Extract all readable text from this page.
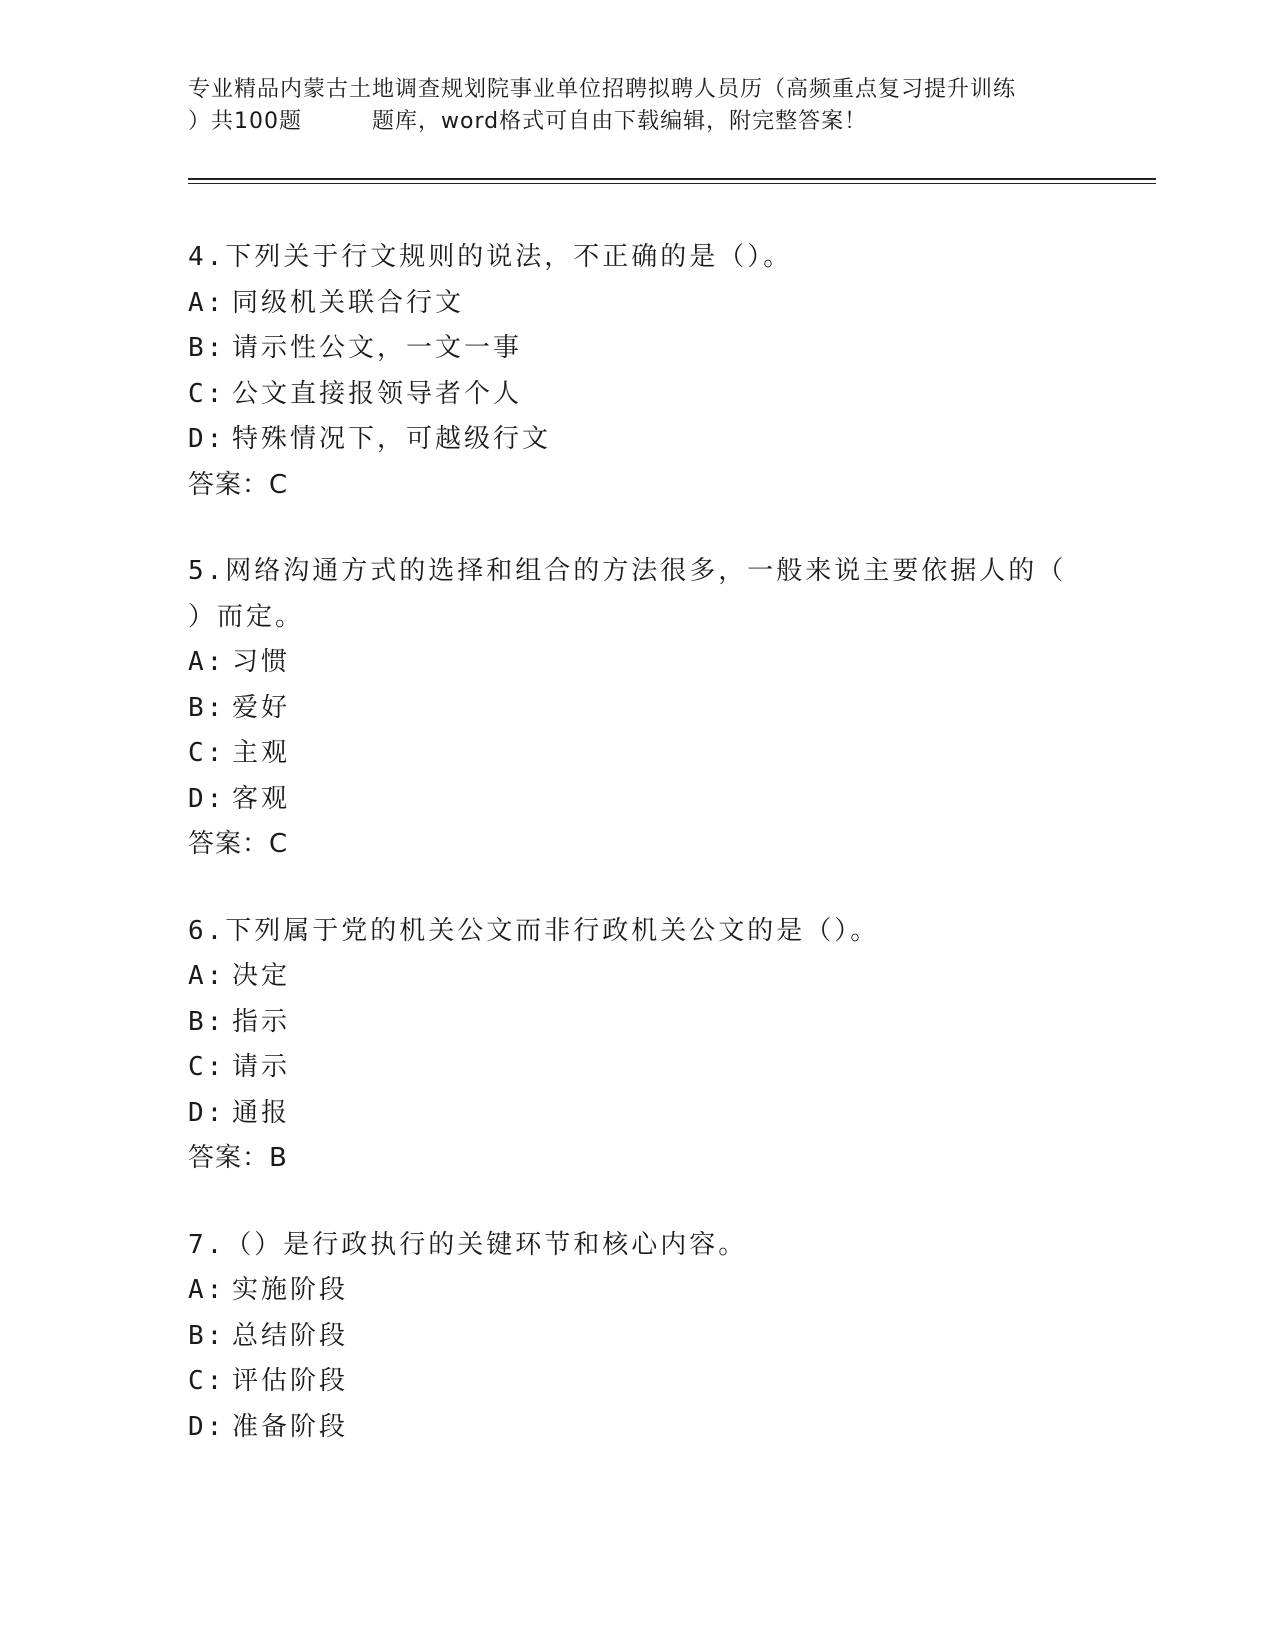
专业精品内蒙古土地调查规划院事业单位招聘拟聘人员历（高频重点复习提升训练
）共100题	题库，word格式可自由下载编辑，附完整答案！
4.下列关于行文规则的说法，不正确的是（）。
A: 同级机关联合行文
B: 请示性公文，一文一事
C: 公文直接报领导者个人
D: 特殊情况下，可越级行文
答案：C
5.网络沟通方式的选择和组合的方法很多，一般来说主要依据人的（
）而定。
A: 习惯
B: 爱好
C: 主观
D: 客观
答案：C
6.下列属于党的机关公文而非行政机关公文的是（）。
A: 决定
B: 指示
C: 请示
D: 通报
答案：B
7.（）是行政执行的关键环节和核心内容。
A: 实施阶段
B: 总结阶段
C: 评估阶段
D: 准备阶段
